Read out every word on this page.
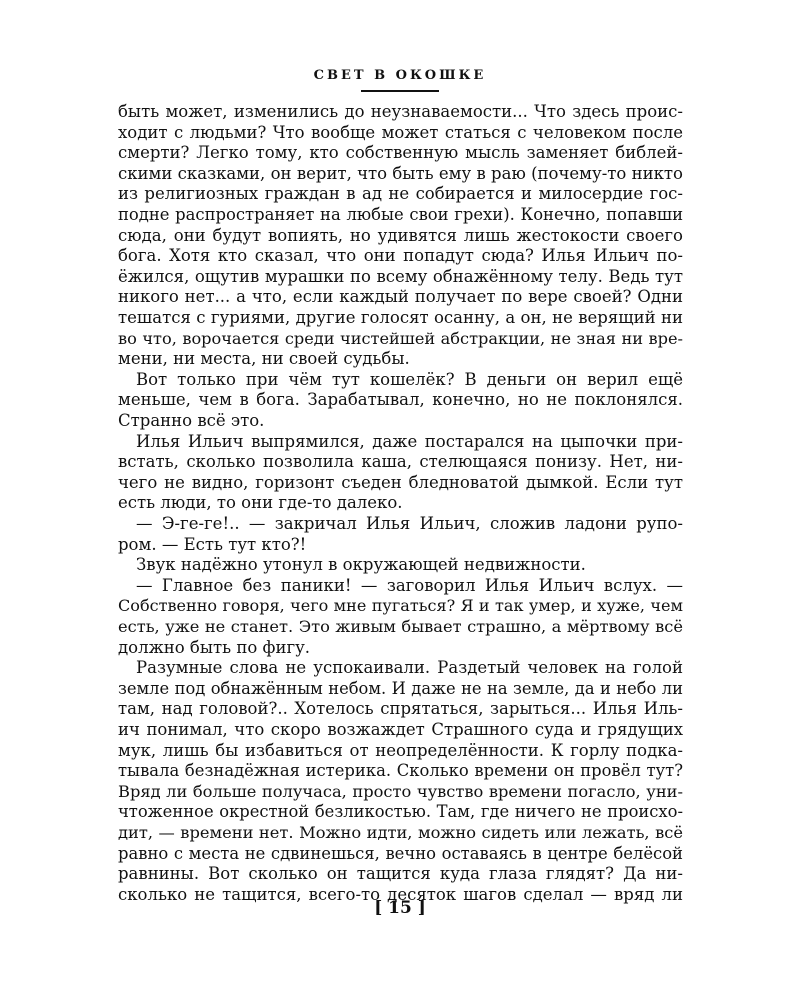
СВЕТ В ОКОШКЕ
быть может, изменились до неузнаваемости... Что здесь проис-
ходит с людьми? Что вообще может статься с человеком после
смерти? Легко тому, кто собственную мысль заменяет библей-
скими сказками, он верит, что быть ему в раю (почему-то никто
из религиозных граждан в ад не собирается и милосердие гос-
подне распространяет на любые свои грехи). Конечно, попавши
сюда, они будут вопиять, но удивятся лишь жестокости своего
бога. Хотя кто сказал, что они попадут сюда? Илья Ильич по-
ёжился, ощутив мурашки по всему обнажённому телу. Ведь тут
никого нет... а что, если каждый получает по вере своей? Одни
тешатся с гуриями, другие голосят осанну, а он, не верящий ни
во что, ворочается среди чистейшей абстракции, не зная ни вре-
мени, ни места, ни своей судьбы.
Вот только при чём тут кошелёк? В деньги он верил ещё
меньше, чем в бога. Зарабатывал, конечно, но не поклонялся.
Странно всё это.
Илья Ильич выпрямился, даже постарался на цыпочки при-
встать, сколько позволила каша, стелющаяся понизу. Нет, ни-
чего не видно, горизонт съеден бледноватой дымкой. Если тут
есть люди, то они где-то далеко.
— Э-ге-ге!.. — закричал Илья Ильич, сложив ладони рупо-
ром. — Есть тут кто?!
Звук надёжно утонул в окружающей недвижности.
— Главное без паники! — заговорил Илья Ильич вслух. —
Собственно говоря, чего мне пугаться? Я и так умер, и хуже, чем
есть, уже не станет. Это живым бывает страшно, а мёртвому всё
должно быть по фигу.
Разумные слова не успокаивали. Раздетый человек на голой
земле под обнажённым небом. И даже не на земле, да и небо ли
там, над головой?.. Хотелось спрятаться, зарыться... Илья Иль-
ич понимал, что скоро возжаждет Страшного суда и грядущих
мук, лишь бы избавиться от неопределённости. К горлу подка-
тывала безнадёжная истерика. Сколько времени он провёл тут?
Вряд ли больше получаса, просто чувство времени погасло, уни-
чтоженное окрестной безликостью. Там, где ничего не происхо-
дит, — времени нет. Можно идти, можно сидеть или лежать, всё
равно с места не сдвинешься, вечно оставаясь в центре белёсой
равнины. Вот сколько он тащится куда глаза глядят? Да ни-
сколько не тащится, всего-то десяток шагов сделал — вряд ли
[ 15 ]
